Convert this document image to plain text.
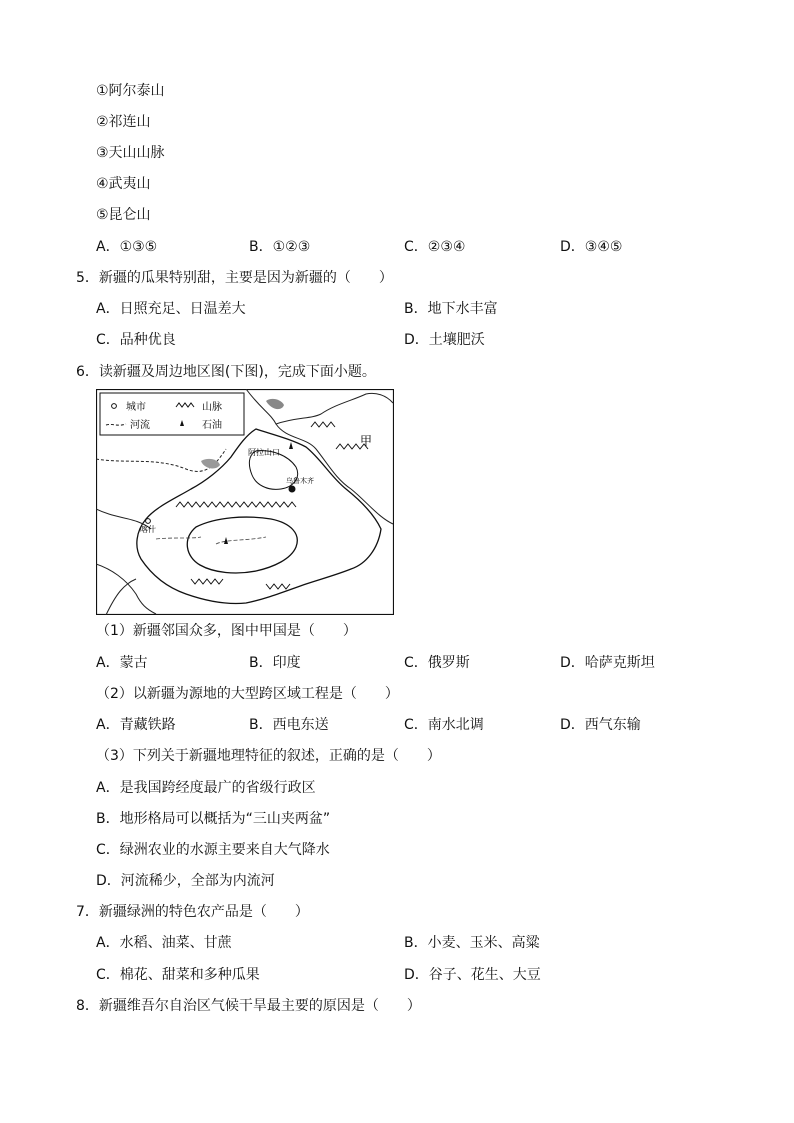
①阿尔泰山
②祁连山
③天山山脉
④武夷山
⑤昆仑山
A．①③⑤	B．①②③	C．②③④	D．③④⑤
5．新疆的瓜果特别甜，主要是因为新疆的（　　）
A．日照充足、日温差大	B．地下水丰富
C．品种优良	D．土壤肥沃
6．读新疆及周边地区图(下图)，完成下面小题。
城市	山脉
河流	石油
甲
阿拉山口
乌鲁木齐
喀什
（1）新疆邻国众多，图中甲国是（　　）
A．蒙古	B．印度	C．俄罗斯	D．哈萨克斯坦
（2）以新疆为源地的大型跨区域工程是（　　）
A．青藏铁路	B．西电东送	C．南水北调	D．西气东输
（3）下列关于新疆地理特征的叙述，正确的是（　　）
A．是我国跨经度最广的省级行政区
B．地形格局可以概括为“三山夹两盆”
C．绿洲农业的水源主要来自大气降水
D．河流稀少，全部为内流河
7．新疆绿洲的特色农产品是（　　）
A．水稻、油菜、甘蔗	B．小麦、玉米、高粱
C．棉花、甜菜和多种瓜果	D．谷子、花生、大豆
8．新疆维吾尔自治区气候干旱最主要的原因是（　　）
